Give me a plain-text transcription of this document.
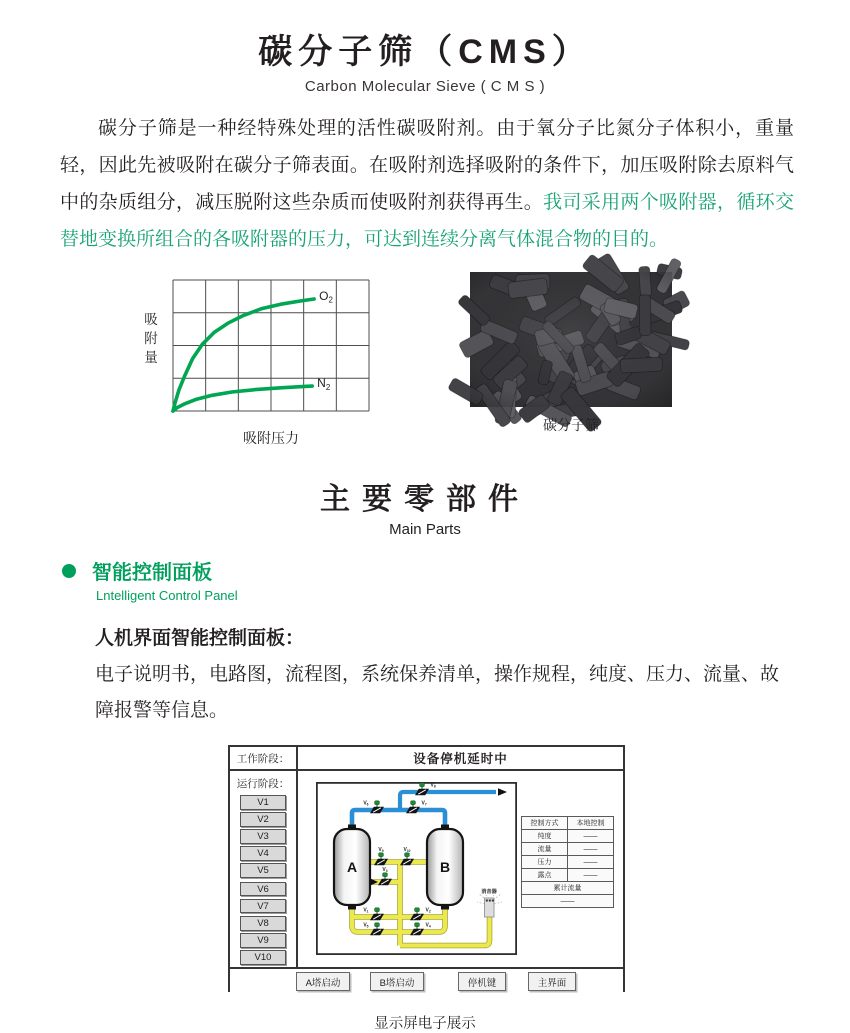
碳分子筛（CMS）
Carbon Molecular Sieve ( C M S )

碳分子筛是一种经特殊处理的活性碳吸附剂。由于氧分子比氮分子体积小，重量轻，因此先被吸附在碳分子筛表面。在吸附剂选择吸附的条件下，加压吸附除去原料气中的杂质组分，减压脱附这些杂质而使吸附剂获得再生。我司采用两个吸附器，循环交替地变换所组合的各吸附器的压力，可达到连续分离气体混合物的目的。

吸附量
$O_2$
$N_2$
吸附压力
碳分子筛
主要零部件
Main Parts
智能控制面板
Lntelligent Control Panel
人机界面智能控制面板：
电子说明书，电路图，流程图，系统保养清单，操作规程，纯度、压力、流量、故障报警等信息。
工作阶段：	设备停机延时中
运行阶段：
V1
V2
V3
V4
V5
V6
V7
V8
V9
V10
A	B
消音器
$V_1$	$V_2$
$V_3$
$V_4$
$V_5$
$V_6$	$V_7$
$V_8$
$V_9$	$V_{10}$
控制方式	本地控制
纯度	——
流量	——
压力	——
露点	——
累计流量	
——	
A塔启动	B塔启动	停机键	主界面
显示屏电子展示
